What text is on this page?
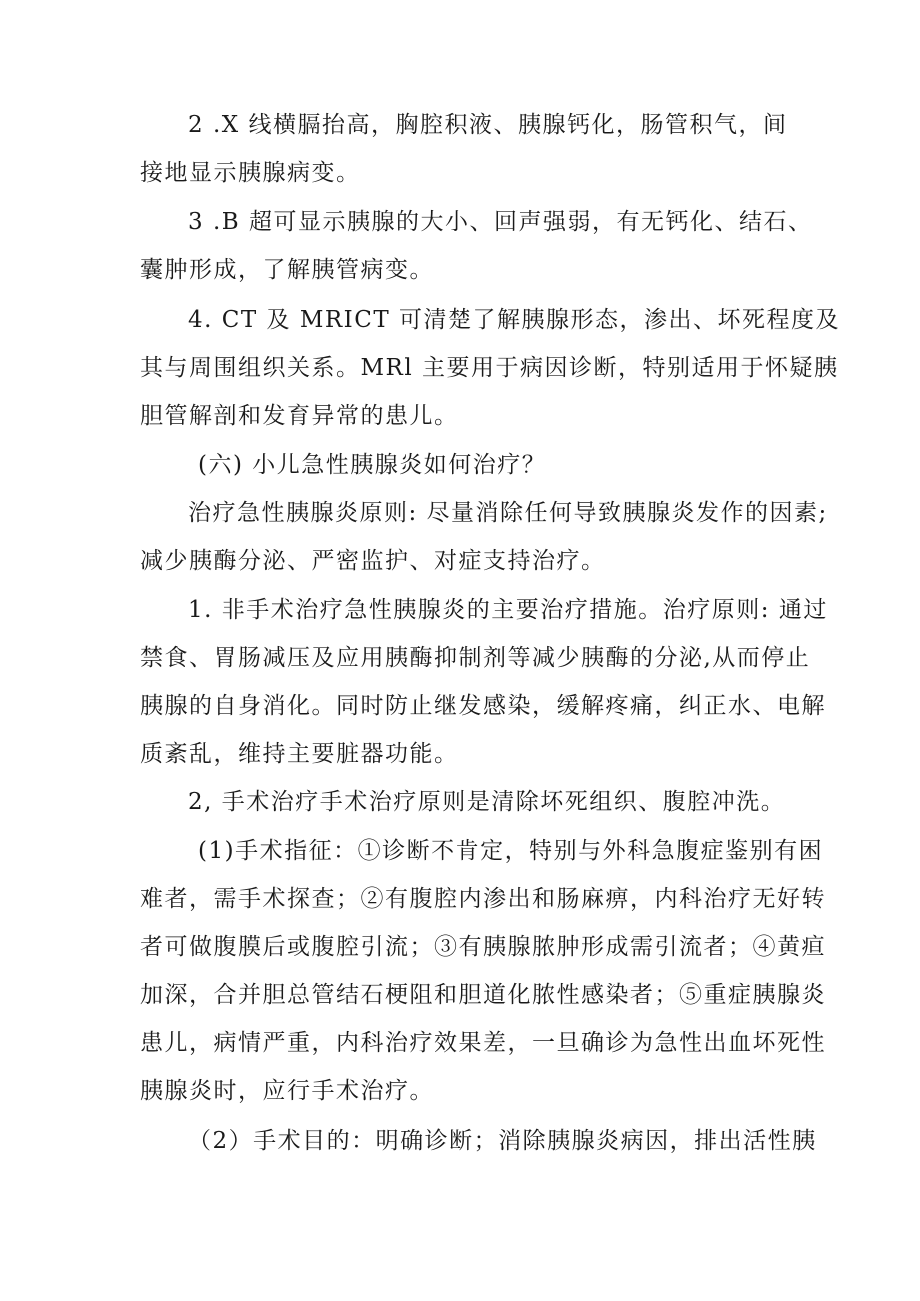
2 .X 线横膈抬高，胸腔积液、胰腺钙化，肠管积气，间
接地显示胰腺病变。

3 .B 超可显示胰腺的大小、回声强弱，有无钙化、结石、
囊肿形成，了解胰管病变。

4. CT 及 MRICT 可清楚了解胰腺形态，渗出、坏死程度及
其与周围组织关系。MRl 主要用于病因诊断，特别适用于怀疑胰
胆管解剖和发育异常的患儿。

(六) 小儿急性胰腺炎如何治疗？

治疗急性胰腺炎原则: 尽量消除任何导致胰腺炎发作的因素;
减少胰酶分泌、严密监护、对症支持治疗。

1. 非手术治疗急性胰腺炎的主要治疗措施。治疗原则: 通过
禁食、胃肠减压及应用胰酶抑制剂等减少胰酶的分泌,从而停止
胰腺的自身消化。同时防止继发感染，缓解疼痛，纠正水、电解
质紊乱，维持主要脏器功能。

2, 手术治疗手术治疗原则是清除坏死组织、腹腔冲洗。

(1)手术指征：①诊断不肯定，特别与外科急腹症鉴别有困
难者，需手术探查；②有腹腔内渗出和肠麻痹，内科治疗无好转
者可做腹膜后或腹腔引流；③有胰腺脓肿形成需引流者；④黄疸
加深，合并胆总管结石梗阻和胆道化脓性感染者；⑤重症胰腺炎
患儿，病情严重，内科治疗效果差，一旦确诊为急性出血坏死性
胰腺炎时，应行手术治疗。

（2）手术目的：明确诊断；消除胰腺炎病因，排出活性胰
